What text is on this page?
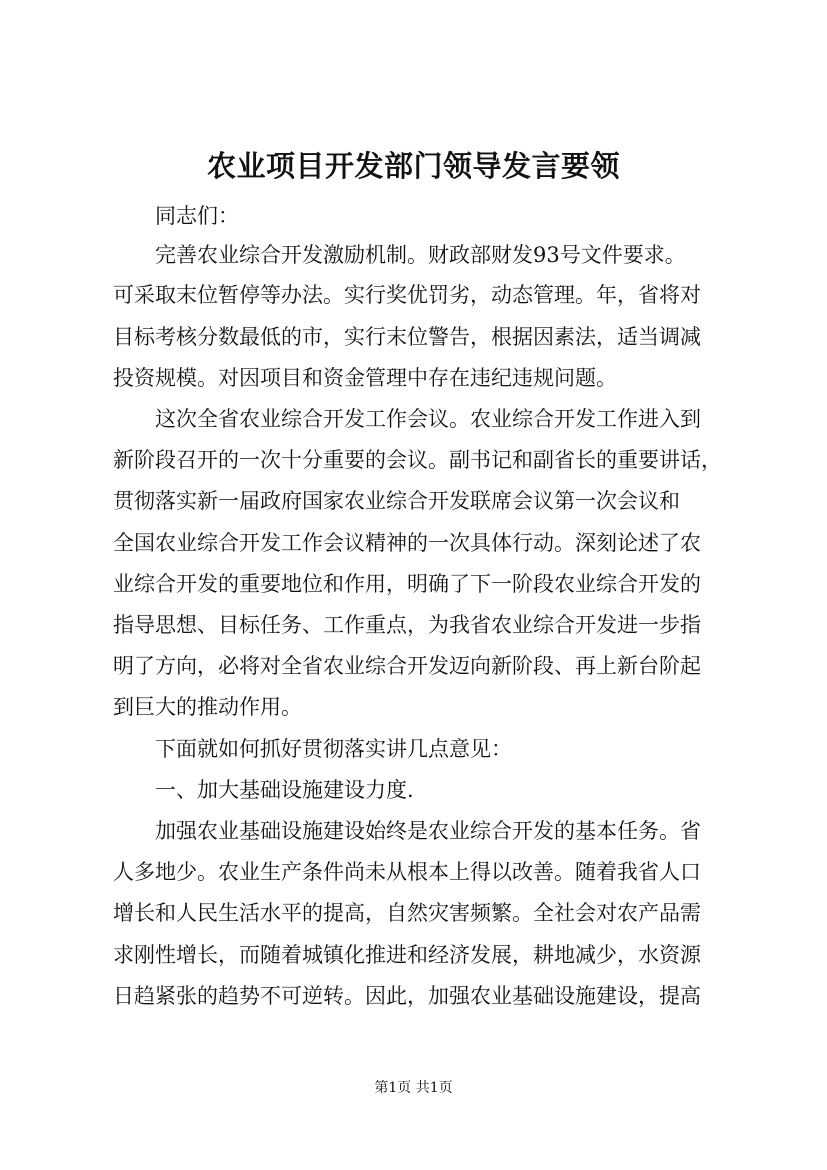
农业项目开发部门领导发言要领
同志们：
完善农业综合开发激励机制。财政部财发93号文件要求。
可采取末位暂停等办法。实行奖优罚劣，动态管理。年，省将对
目标考核分数最低的市，实行末位警告，根据因素法，适当调减
投资规模。对因项目和资金管理中存在违纪违规问题。
这次全省农业综合开发工作会议。农业综合开发工作进入到
新阶段召开的一次十分重要的会议。副书记和副省长的重要讲话，
贯彻落实新一届政府国家农业综合开发联席会议第一次会议和
全国农业综合开发工作会议精神的一次具体行动。深刻论述了农
业综合开发的重要地位和作用，明确了下一阶段农业综合开发的
指导思想、目标任务、工作重点，为我省农业综合开发进一步指
明了方向，必将对全省农业综合开发迈向新阶段、再上新台阶起
到巨大的推动作用。
下面就如何抓好贯彻落实讲几点意见：
一、加大基础设施建设力度.
加强农业基础设施建设始终是农业综合开发的基本任务。省
人多地少。农业生产条件尚未从根本上得以改善。随着我省人口
增长和人民生活水平的提高，自然灾害频繁。全社会对农产品需
求刚性增长，而随着城镇化推进和经济发展，耕地减少，水资源
日趋紧张的趋势不可逆转。因此，加强农业基础设施建设，提高
第1页 共1页
